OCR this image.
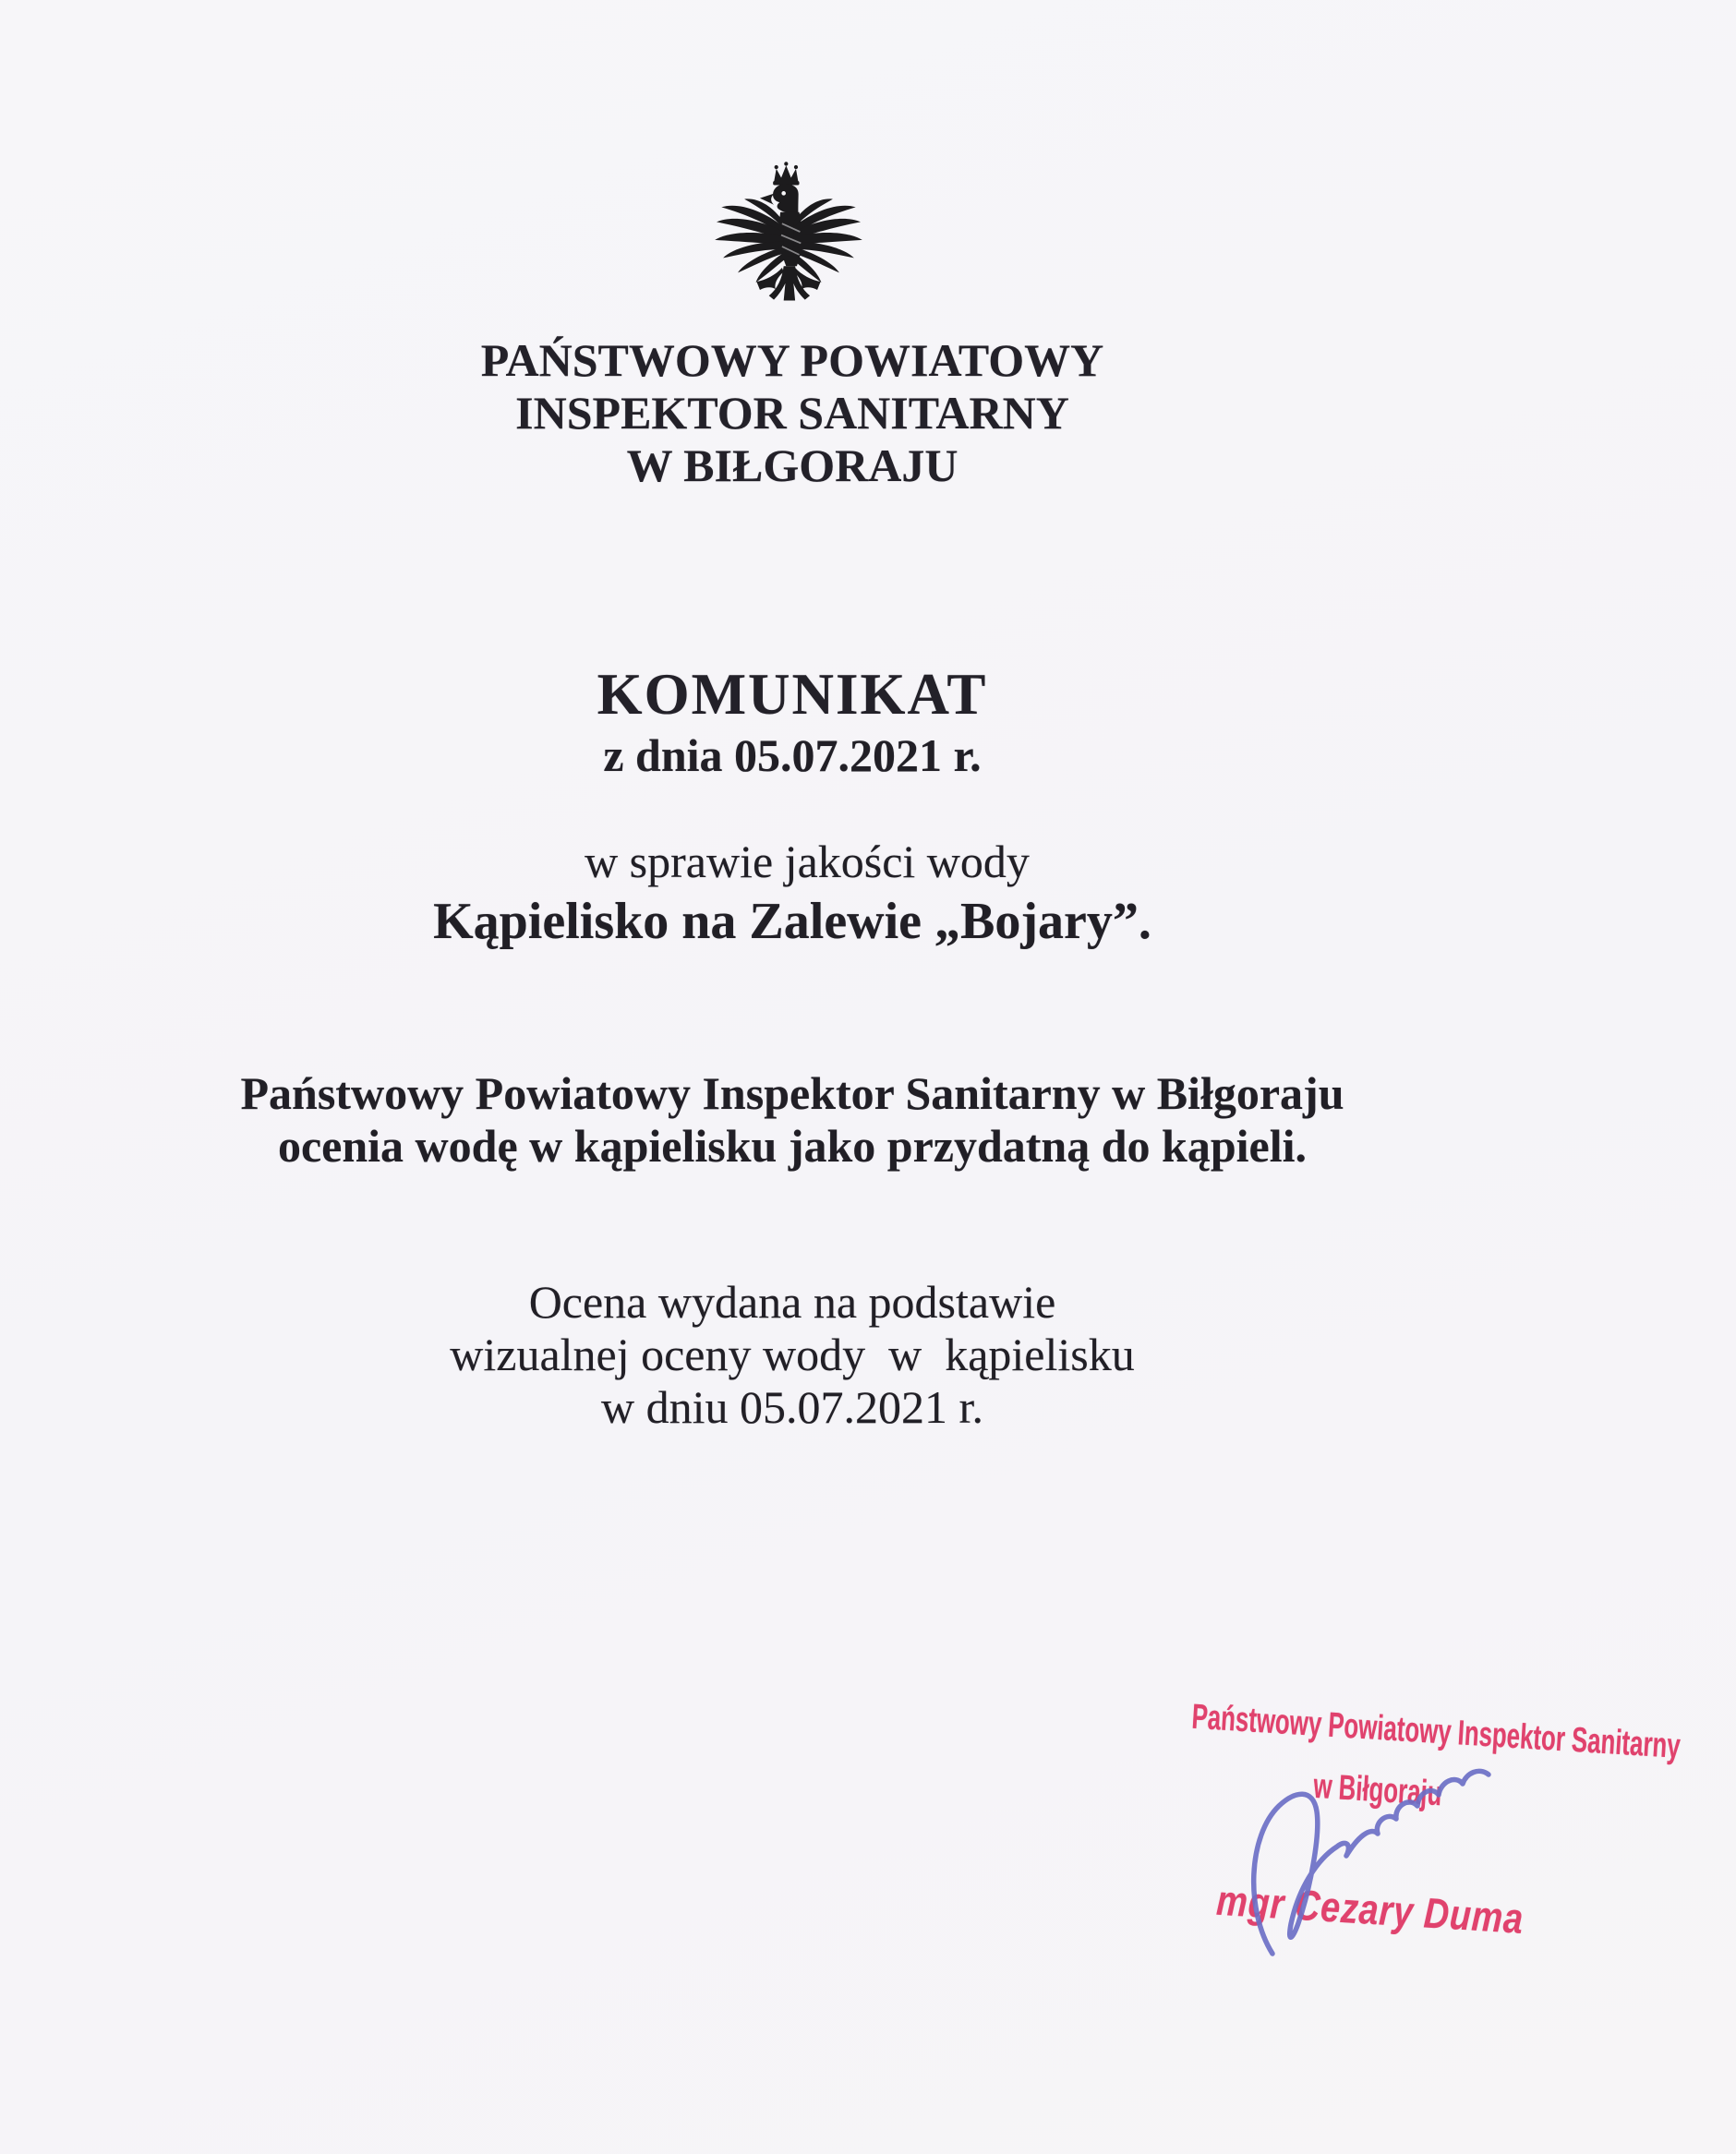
PAŃSTWOWY POWIATOWY
INSPEKTOR SANITARNY
W BIŁGORAJU
KOMUNIKAT
z dnia 05.07.2021 r.
w sprawie jakości wody
Kąpielisko na Zalewie „Bojary”.
Państwowy Powiatowy Inspektor Sanitarny w Biłgoraju
ocenia wodę w kąpielisku jako przydatną do kąpieli.
Ocena wydana na podstawie
wizualnej oceny wody  w  kąpielisku
w dniu 05.07.2021 r.
Państwowy Powiatowy Inspektor Sanitarny
w Biłgoraju
mgr Cezary Duma
